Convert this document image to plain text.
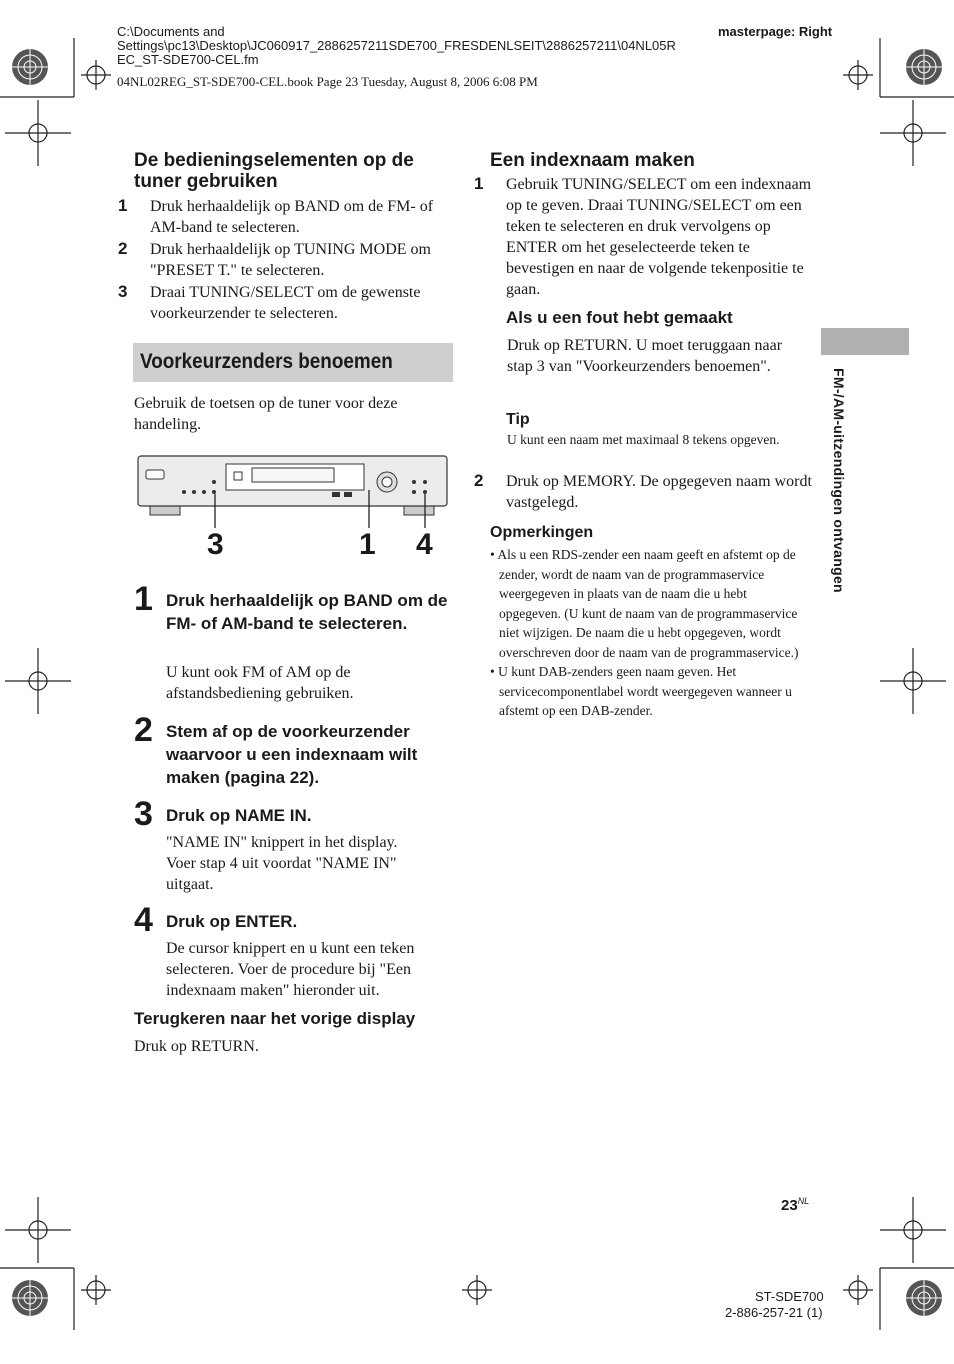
C:\Documents and
Settings\pc13\Desktop\JC060917_2886257211SDE700_FRESDENLSEIT\2886257211\04NL05R
EC_ST-SDE700-CEL.fm
masterpage: Right
04NL02REG_ST-SDE700-CEL.book Page 23 Tuesday, August 8, 2006 6:08 PM
De bedieningselementen op de tuner gebruiken

1 Druk herhaaldelijk op BAND om de FM- of AM-band te selecteren.

2 Druk herhaaldelijk op TUNING MODE om "PRESET T." te selecteren.

3 Draai TUNING/SELECT om de gewenste voorkeurzender te selecteren.

Voorkeurzenders benoemen
Gebruik de toetsen op de tuner voor deze handeling.
3	1 4
1 Druk herhaaldelijk op BAND om de FM- of AM-band te selecteren.
U kunt ook FM of AM op de afstandsbediening gebruiken.
2 Stem af op de voorkeurzender waarvoor u een indexnaam wilt maken (pagina 22).
3 Druk op NAME IN.
"NAME IN" knippert in het display. Voer stap 4 uit voordat "NAME IN" uitgaat.
4 Druk op ENTER.
De cursor knippert en u kunt een teken selecteren. Voer de procedure bij "Een indexnaam maken" hieronder uit.
Terugkeren naar het vorige display
Druk op RETURN.
Een indexnaam maken
1 Gebruik TUNING/SELECT om een indexnaam op te geven. Draai TUNING/SELECT om een teken te selecteren en druk vervolgens op ENTER om het geselecteerde teken te bevestigen en naar de volgende tekenpositie te gaan.
Als u een fout hebt gemaakt
Druk op RETURN. U moet teruggaan naar stap 3 van "Voorkeurzenders benoemen".
Tip
U kunt een naam met maximaal 8 tekens opgeven.
2 Druk op MEMORY. De opgegeven naam wordt vastgelegd.
Opmerkingen

• Als u een RDS-zender een naam geeft en afstemt op de zender, wordt de naam van de programmaservice weergegeven in plaats van de naam die u hebt opgegeven. (U kunt de naam van de programmaservice niet wijzigen. De naam die u hebt opgegeven, wordt overschreven door de naam van de programmaservice.)

• U kunt DAB-zenders geen naam geven. Het servicecomponentlabel wordt weergegeven wanneer u afstemt op een DAB-zender.

FM-/AM-uitzendingen ontvangen
$23^{NL}$
ST-SDE700
2-886-257-21 (1)
